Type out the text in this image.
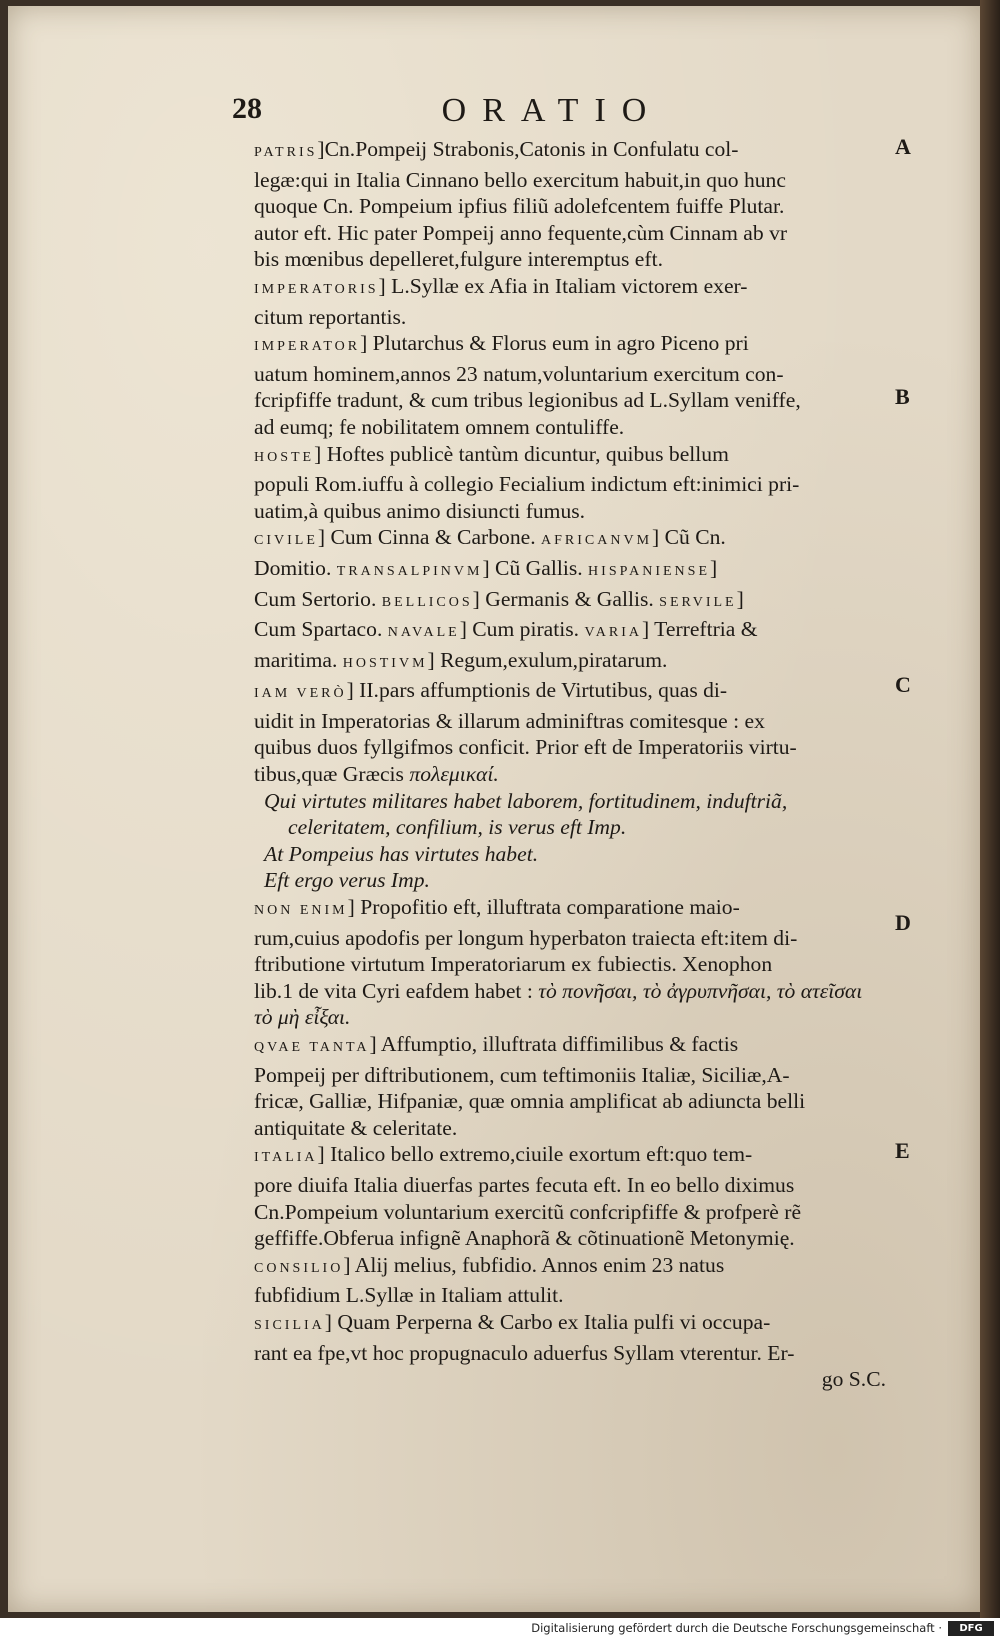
28	ORATIO
PATRIS]Cn.Pompeij Strabonis,Catonis in Confulatu col-
legæ:qui in Italia Cinnano bello exercitum habuit,in quo hunc
quoque Cn. Pompeium ipfius filiũ adolefcentem fuiffe Plutar.
autor eft. Hic pater Pompeij anno fequente,cùm Cinnam ab vr
bis mœnibus depelleret,fulgure interemptus eft.
IMPERATORIS] L.Syllæ ex Afia in Italiam victorem exer-
citum reportantis.
IMPERATOR] Plutarchus & Florus eum in agro Piceno pri
uatum hominem,annos 23 natum,voluntarium exercitum con-
fcripfiffe tradunt, & cum tribus legionibus ad L.Syllam veniffe,
ad eumq; fe nobilitatem omnem contuliffe.
HOSTE] Hoftes publicè tantùm dicuntur, quibus bellum
populi Rom.iuffu à collegio Fecialium indictum eft:inimici pri-
uatim,à quibus animo disiuncti fumus.
CIVILE] Cum Cinna & Carbone. AFRICANVM] Cũ Cn.
Domitio. TRANSALPINVM] Cũ Gallis. HISPANIENSE]
Cum Sertorio. BELLICOS] Germanis & Gallis. SERVILE]
Cum Spartaco. NAVALE] Cum piratis. VARIA] Terreftria &
maritima. HOSTIVM] Regum,exulum,piratarum.
IAM VERÒ] II.pars affumptionis de Virtutibus, quas di-
uidit in Imperatorias & illarum adminiftras comitesque : ex
quibus duos fyllgifmos conficit. Prior eft de Imperatoriis virtu-
tibus,quæ Græcis πολεμικαί.
Qui virtutes militares habet laborem, fortitudinem, induftriã,
celeritatem, confilium, is verus eft Imp.
At Pompeius has virtutes habet.
Eft ergo verus Imp.
NON ENIM] Propofitio eft, illuftrata comparatione maio-
rum,cuius apodofis per longum hyperbaton traiecta eft:item di-
ftributione virtutum Imperatoriarum ex fubiectis. Xenophon
lib.1 de vita Cyri eafdem habet : τὸ πονῆσαι, τὸ ἀγρυπνῆσαι, τὸ ατεῖσαι
τὸ μὴ εἶξαι.
QVAE TANTA] Affumptio, illuftrata diffimilibus & factis
Pompeij per diftributionem, cum teftimoniis Italiæ, Siciliæ,A-
fricæ, Galliæ, Hifpaniæ, quæ omnia amplificat ab adiuncta belli
antiquitate & celeritate.
ITALIA] Italico bello extremo,ciuile exortum eft:quo tem-
pore diuifa Italia diuerfas partes fecuta eft. In eo bello diximus
Cn.Pompeium voluntarium exercitũ confcripfiffe & profperè rẽ
geffiffe.Obferua infignẽ Anaphorã & cõtinuationẽ Metonymię.
CONSILIO] Alij melius, fubfidio. Annos enim 23 natus
fubfidium L.Syllæ in Italiam attulit.
SICILIA] Quam Perperna & Carbo ex Italia pulfi vi occupa-
rant ea fpe,vt hoc propugnaculo aduerfus Syllam vterentur. Er-
go S.C.
A
B
C
D
E
Digitalisierung gefördert durch die Deutsche Forschungsgemeinschaft ·	DFG
